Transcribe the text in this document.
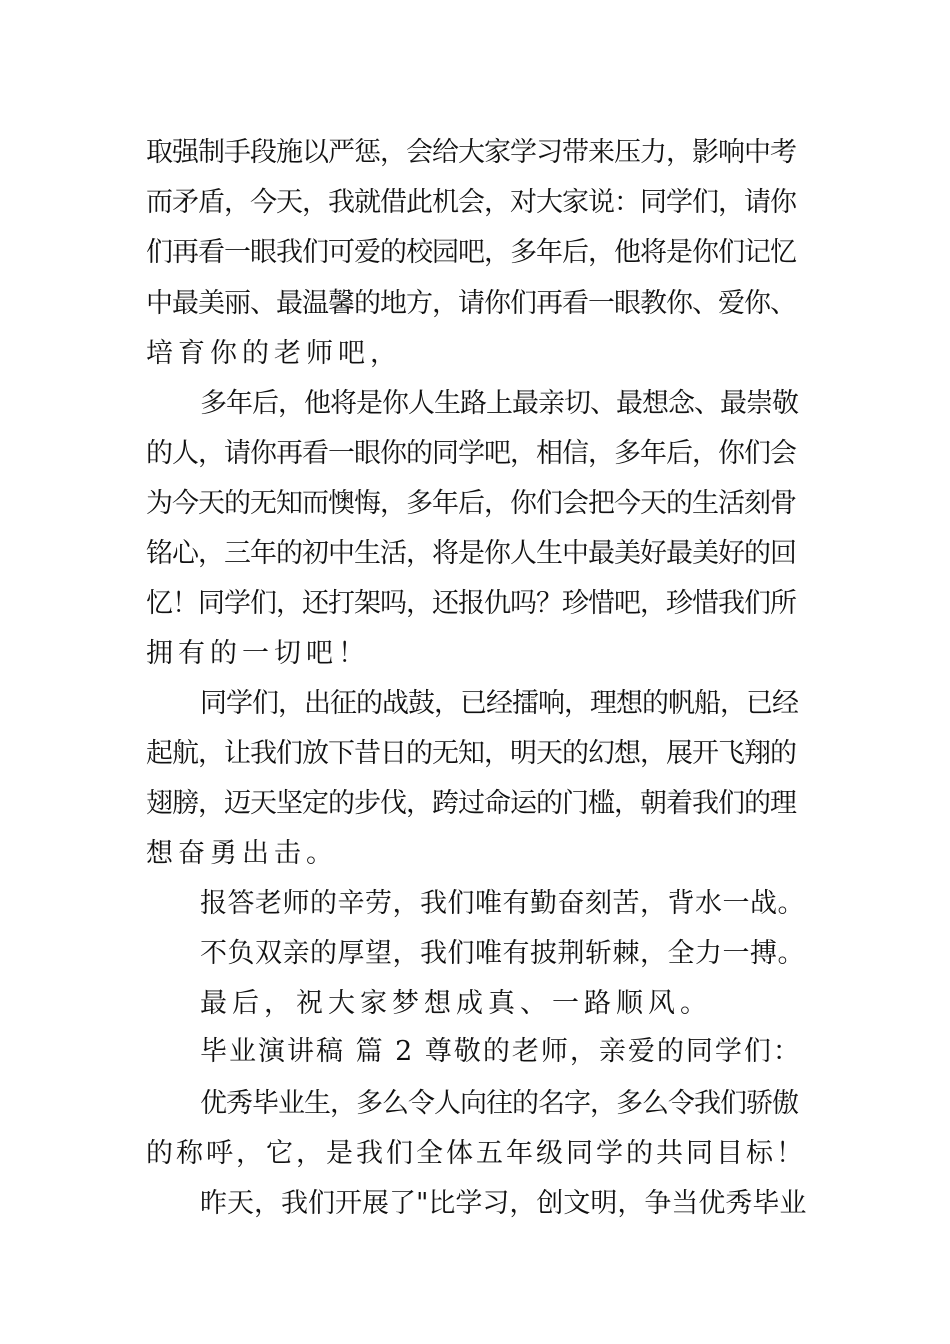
取强制手段施以严惩，会给大家学习带来压力，影响中考
而矛盾，今天，我就借此机会，对大家说：同学们，请你
们再看一眼我们可爱的校园吧，多年后，他将是你们记忆
中最美丽、最温馨的地方，请你们再看一眼教你、爱你、
培育你的老师吧，
多年后，他将是你人生路上最亲切、最想念、最崇敬
的人，请你再看一眼你的同学吧，相信，多年后，你们会
为今天的无知而懊悔，多年后，你们会把今天的生活刻骨
铭心，三年的初中生活，将是你人生中最美好最美好的回
忆！同学们，还打架吗，还报仇吗？珍惜吧，珍惜我们所
拥有的一切吧！
同学们，出征的战鼓，已经擂响，理想的帆船，已经
起航，让我们放下昔日的无知，明天的幻想，展开飞翔的
翅膀，迈天坚定的步伐，跨过命运的门槛，朝着我们的理
想奋勇出击。
报答老师的辛劳，我们唯有勤奋刻苦，背水一战。
不负双亲的厚望，我们唯有披荆斩棘，全力一搏。
最后，祝大家梦想成真、一路顺风。
毕业演讲稿 篇 2 尊敬的老师，亲爱的同学们：
优秀毕业生，多么令人向往的名字，多么令我们骄傲
的称呼，它，是我们全体五年级同学的共同目标！
昨天，我们开展了"比学习，创文明，争当优秀毕业
